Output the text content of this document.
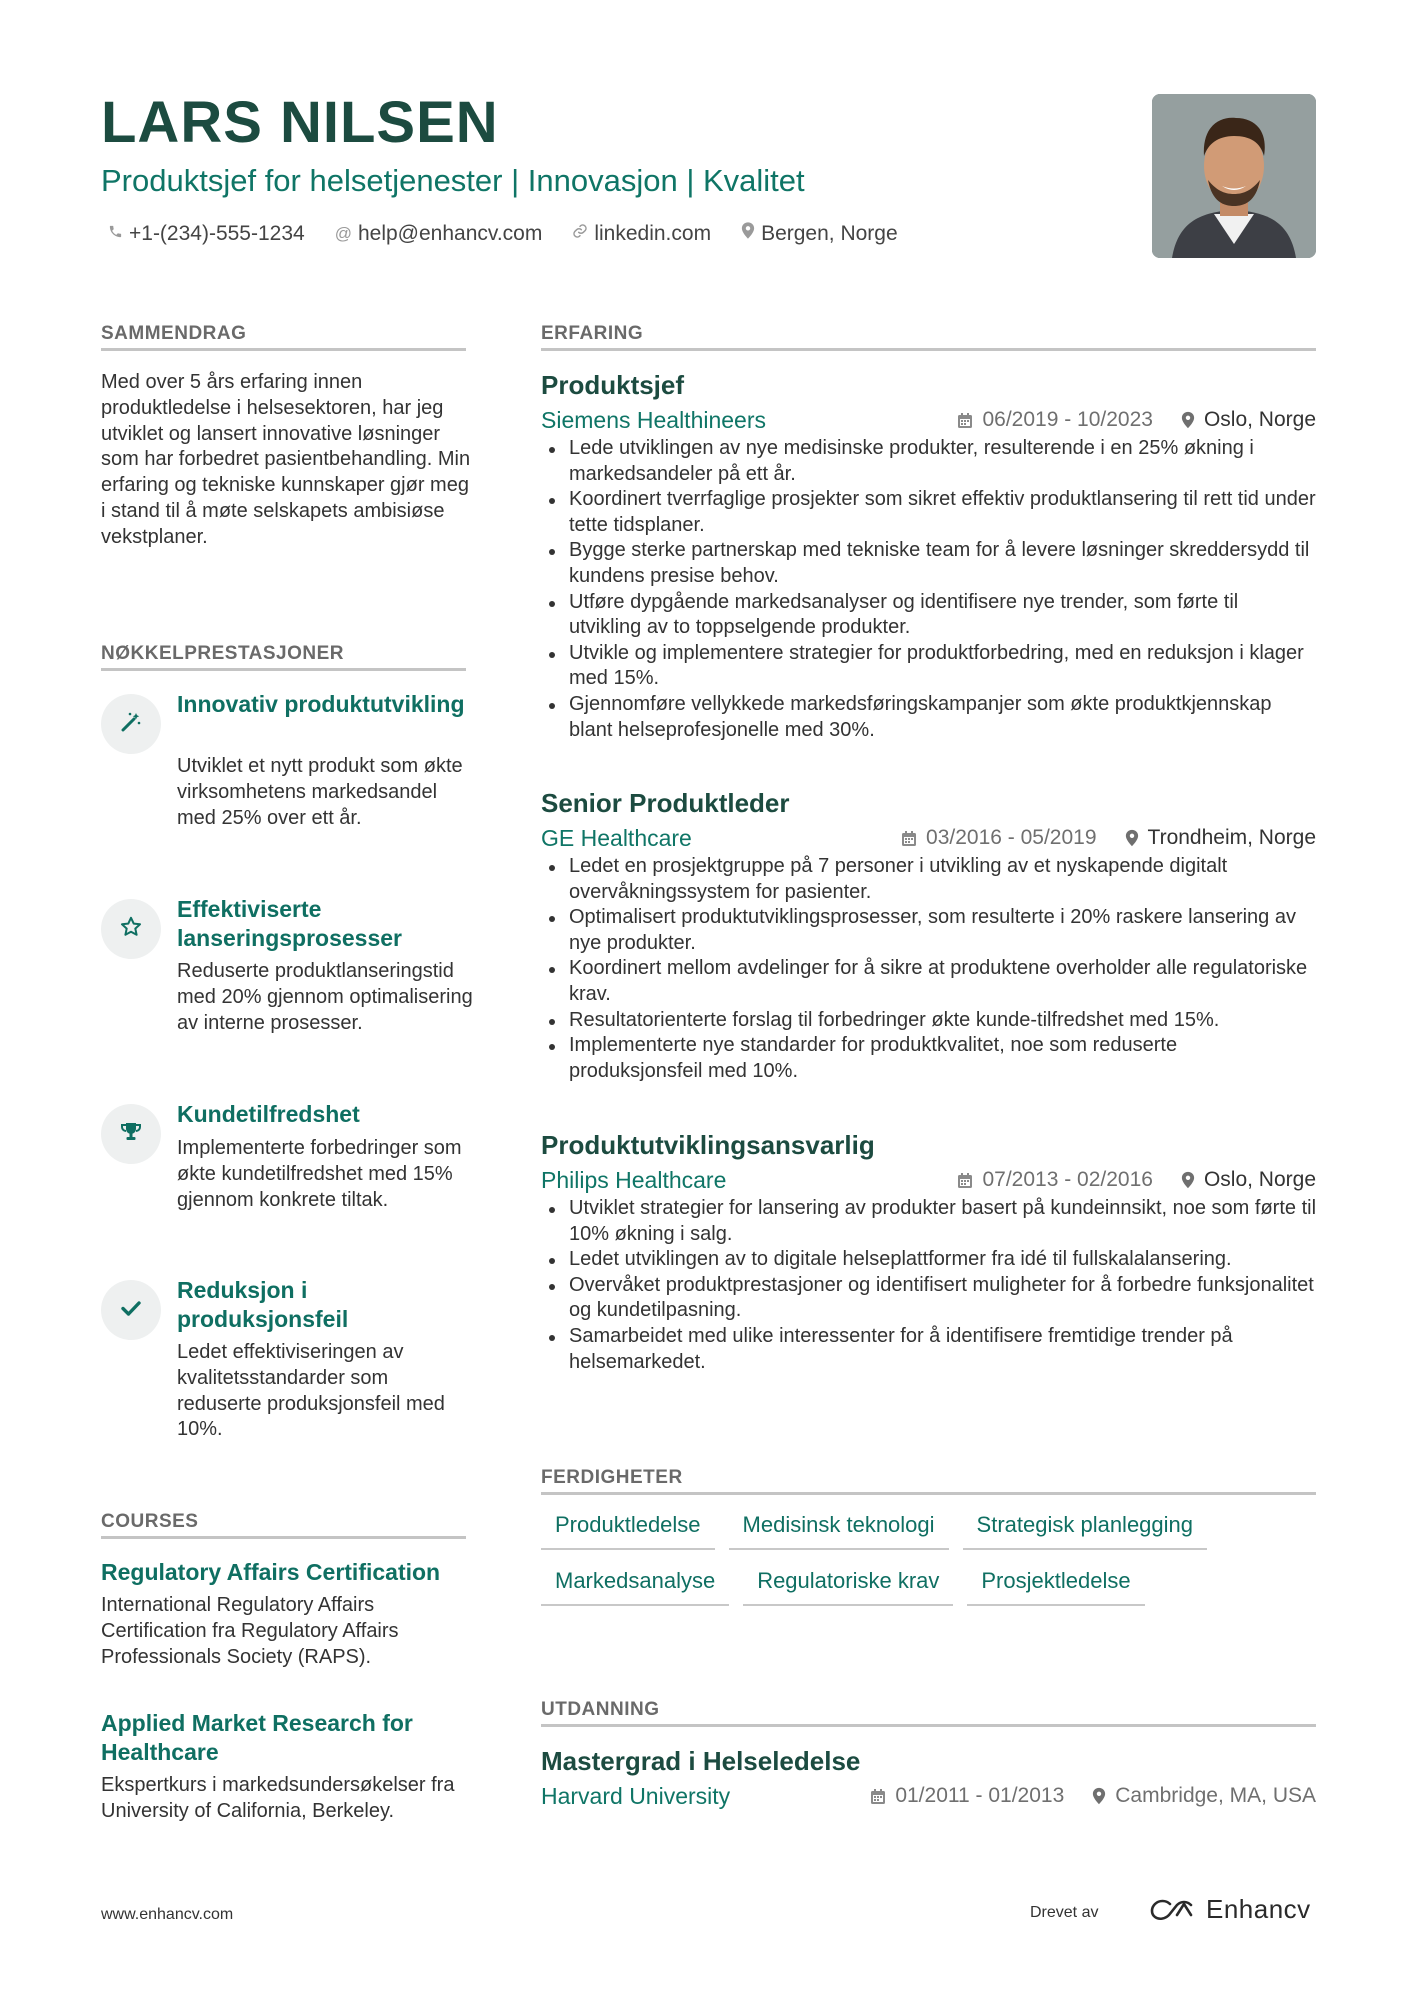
LARS NILSEN

Produktsjef for helsetjenester | Innovasjon | Kvalitet

+1-(234)-555-1234 @ help@enhancv.com linkedin.com Bergen, Norge
SAMMENDRAG

Med over 5 års erfaring innen produktledelse i helsesektoren, har jeg utviklet og lansert innovative løsninger som har forbedret pasientbehandling. Min erfaring og tekniske kunnskaper gjør meg i stand til å møte selskapets ambisiøse vekstplaner.

NØKKELPRESTASJONER
Innovativ produktutvikling

Utviklet et nytt produkt som økte virksomhetens markedsandel med 25% over ett år.

Effektiviserte lanseringsprosesser

Reduserte produktlanseringstid med 20% gjennom optimalisering av interne prosesser.

Kundetilfredshet

Implementerte forbedringer som økte kundetilfredshet med 15% gjennom konkrete tiltak.

Reduksjon i produksjonsfeil

Ledet effektiviseringen av kvalitetsstandarder som reduserte produksjonsfeil med 10%.

COURSES
Regulatory Affairs Certification

International Regulatory Affairs Certification fra Regulatory Affairs Professionals Society (RAPS).

Applied Market Research for Healthcare

Ekspertkurs i markedsundersøkelser fra University of California, Berkeley.

ERFARING
Produktsjef
Siemens Healthineers	06/2019 - 10/2023 Oslo, Norge
Lede utviklingen av nye medisinske produkter, resulterende i en 25% økning i markedsandeler på ett år.
Koordinert tverrfaglige prosjekter som sikret effektiv produktlansering til rett tid under tette tidsplaner.
Bygge sterke partnerskap med tekniske team for å levere løsninger skreddersydd til kundens presise behov.
Utføre dypgående markedsanalyser og identifisere nye trender, som førte til utvikling av to toppselgende produkter.
Utvikle og implementere strategier for produktforbedring, med en reduksjon i klager med 15%.
Gjennomføre vellykkede markedsføringskampanjer som økte produktkjennskap blant helseprofesjonelle med 30%.
Senior Produktleder
GE Healthcare	03/2016 - 05/2019 Trondheim, Norge
Ledet en prosjektgruppe på 7 personer i utvikling av et nyskapende digitalt overvåkningssystem for pasienter.
Optimalisert produktutviklingsprosesser, som resulterte i 20% raskere lansering av nye produkter.
Koordinert mellom avdelinger for å sikre at produktene overholder alle regulatoriske krav.
Resultatorienterte forslag til forbedringer økte kunde-tilfredshet med 15%.
Implementerte nye standarder for produktkvalitet, noe som reduserte produksjonsfeil med 10%.
Produktutviklingsansvarlig
Philips Healthcare	07/2013 - 02/2016 Oslo, Norge
Utviklet strategier for lansering av produkter basert på kundeinnsikt, noe som førte til 10% økning i salg.
Ledet utviklingen av to digitale helseplattformer fra idé til fullskalalansering.
Overvåket produktprestasjoner og identifisert muligheter for å forbedre funksjonalitet og kundetilpasning.
Samarbeidet med ulike interessenter for å identifisere fremtidige trender på helsemarkedet.
FERDIGHETER
Produktledelse	Medisinsk teknologi	Strategisk planlegging
Markedsanalyse	Regulatoriske krav	Prosjektledelse
UTDANNING
Mastergrad i Helseledelse
Harvard University	01/2011 - 01/2013 Cambridge, MA, USA
www.enhancv.com	Drevet av	Enhancv
